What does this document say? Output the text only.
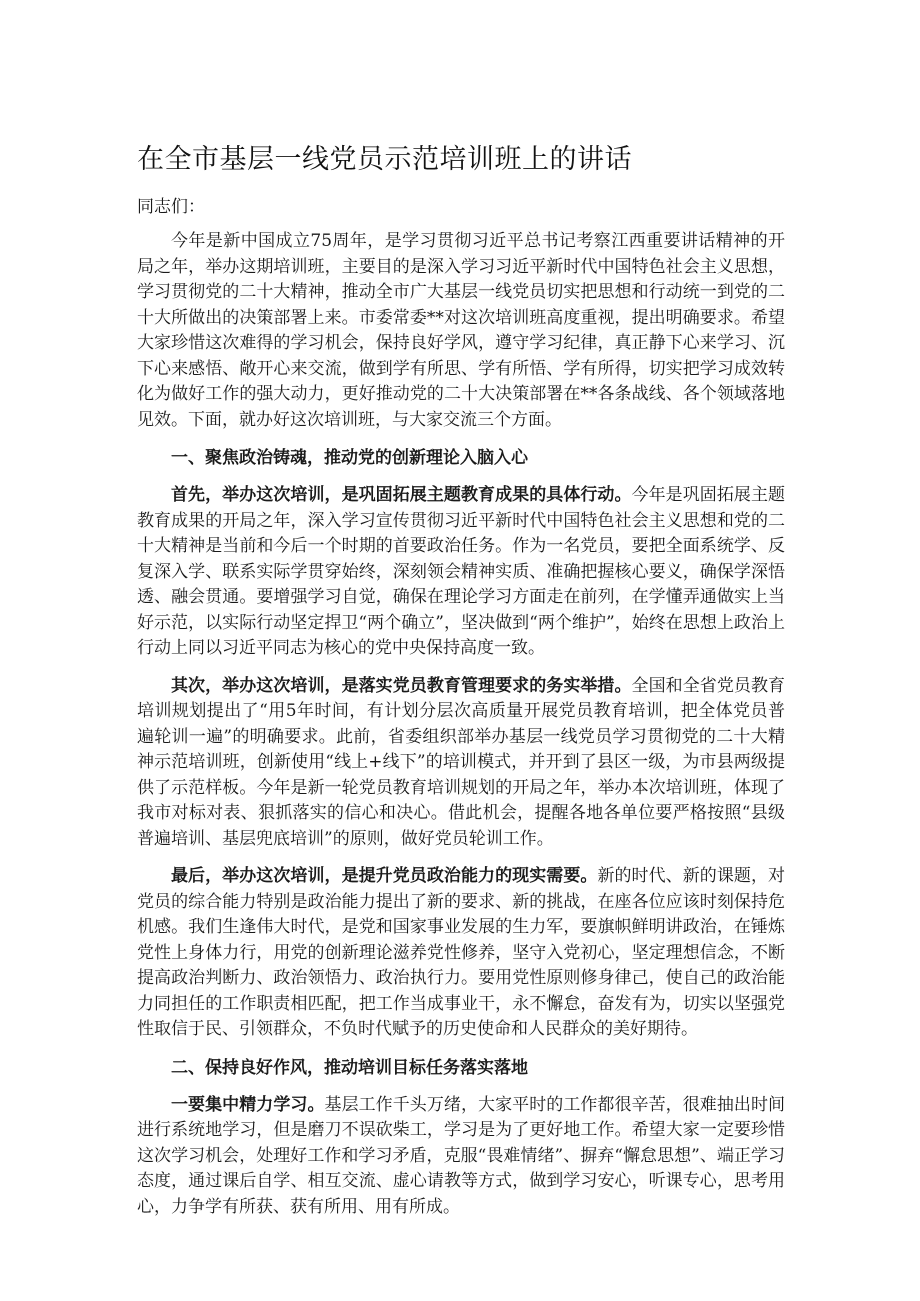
在全市基层一线党员示范培训班上的讲话
同志们：

今年是新中国成立75周年，是学习贯彻习近平总书记考察江西重要讲话精神的开局之年，举办这期培训班，主要目的是深入学习习近平新时代中国特色社会主义思想，学习贯彻党的二十大精神，推动全市广大基层一线党员切实把思想和行动统一到党的二十大所做出的决策部署上来。市委常委**对这次培训班高度重视，提出明确要求。希望大家珍惜这次难得的学习机会，保持良好学风，遵守学习纪律，真正静下心来学习、沉下心来感悟、敞开心来交流，做到学有所思、学有所悟、学有所得，切实把学习成效转化为做好工作的强大动力，更好推动党的二十大决策部署在**各条战线、各个领域落地见效。下面，就办好这次培训班，与大家交流三个方面。

一、聚焦政治铸魂，推动党的创新理论入脑入心

首先，举办这次培训，是巩固拓展主题教育成果的具体行动。今年是巩固拓展主题教育成果的开局之年，深入学习宣传贯彻习近平新时代中国特色社会主义思想和党的二十大精神是当前和今后一个时期的首要政治任务。作为一名党员，要把全面系统学、反复深入学、联系实际学贯穿始终，深刻领会精神实质、准确把握核心要义，确保学深悟透、融会贯通。要增强学习自觉，确保在理论学习方面走在前列，在学懂弄通做实上当好示范，以实际行动坚定捍卫“两个确立”，坚决做到“两个维护”，始终在思想上政治上行动上同以习近平同志为核心的党中央保持高度一致。

其次，举办这次培训，是落实党员教育管理要求的务实举措。全国和全省党员教育培训规划提出了“用5年时间，有计划分层次高质量开展党员教育培训，把全体党员普遍轮训一遍”的明确要求。此前，省委组织部举办基层一线党员学习贯彻党的二十大精神示范培训班，创新使用“线上+线下”的培训模式，并开到了县区一级，为市县两级提供了示范样板。今年是新一轮党员教育培训规划的开局之年，举办本次培训班，体现了我市对标对表、狠抓落实的信心和决心。借此机会，提醒各地各单位要严格按照“县级普遍培训、基层兜底培训”的原则，做好党员轮训工作。

最后，举办这次培训，是提升党员政治能力的现实需要。新的时代、新的课题，对党员的综合能力特别是政治能力提出了新的要求、新的挑战，在座各位应该时刻保持危机感。我们生逢伟大时代，是党和国家事业发展的生力军，要旗帜鲜明讲政治，在锤炼党性上身体力行，用党的创新理论滋养党性修养，坚守入党初心，坚定理想信念，不断提高政治判断力、政治领悟力、政治执行力。要用党性原则修身律己，使自己的政治能力同担任的工作职责相匹配，把工作当成事业干，永不懈怠，奋发有为，切实以坚强党性取信于民、引领群众，不负时代赋予的历史使命和人民群众的美好期待。

二、保持良好作风，推动培训目标任务落实落地

一要集中精力学习。基层工作千头万绪，大家平时的工作都很辛苦，很难抽出时间进行系统地学习，但是磨刀不误砍柴工，学习是为了更好地工作。希望大家一定要珍惜这次学习机会，处理好工作和学习矛盾，克服“畏难情绪”、摒弃“懈怠思想”、端正学习态度，通过课后自学、相互交流、虚心请教等方式，做到学习安心，听课专心，思考用心，力争学有所获、获有所用、用有所成。
